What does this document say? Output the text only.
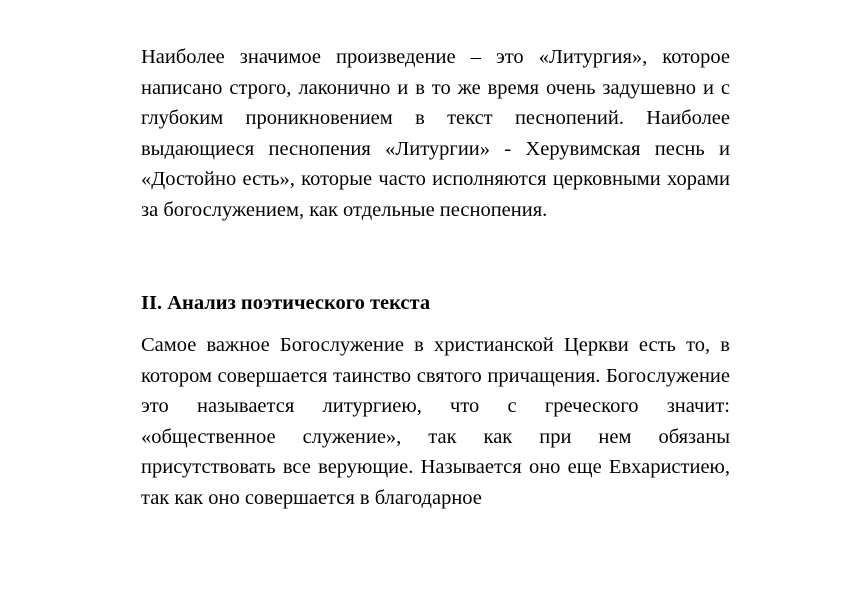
Наиболее значимое произведение – это «Литургия», которое написано строго, лаконично и в то же время очень задушевно и с глубоким проникновением в текст песнопений. Наиболее выдающиеся песнопения «Литургии» - Херувимская песнь и «Достойно есть», которые часто исполняются церковными хорами за богослужением, как отдельные песнопения.

II. Анализ поэтического текста

Самое важное Богослужение в христианской Церкви есть то, в котором совершается таинство святого причащения. Богослужение это называется литургиею, что с греческого значит: «общественное служение», так как при нем обязаны присутствовать все верующие. Называется оно еще Евхаристиею, так как оно совершается в благодарное
